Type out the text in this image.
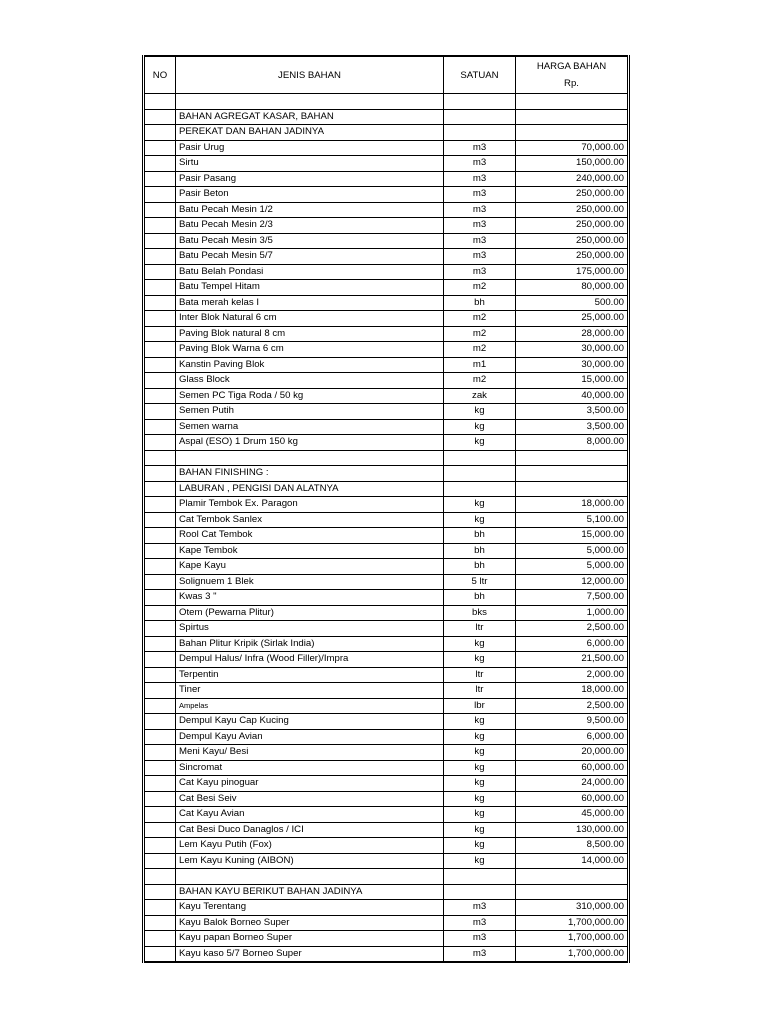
NO	JENIS BAHAN	SATUAN	HARGA BAHAN
Rp.

	BAHAN AGREGAT KASAR, BAHAN		
	PEREKAT DAN BAHAN JADINYA		
	Pasir Urug	m3	70,000.00
	Sirtu	m3	150,000.00
	Pasir Pasang	m3	240,000.00
	Pasir Beton	m3	250,000.00
	Batu Pecah Mesin 1/2	m3	250,000.00
	Batu Pecah Mesin 2/3	m3	250,000.00
	Batu Pecah Mesin 3/5	m3	250,000.00
	Batu Pecah Mesin 5/7	m3	250,000.00
	Batu Belah Pondasi	m3	175,000.00
	Batu Tempel Hitam	m2	80,000.00
	Bata merah kelas I	bh	500.00
	Inter Blok Natural 6 cm	m2	25,000.00
	Paving Blok natural 8 cm	m2	28,000.00
	Paving Blok Warna 6 cm	m2	30,000.00
	Kanstin Paving Blok	m1	30,000.00
	Glass Block	m2	15,000.00
	Semen PC Tiga Roda / 50 kg	zak	40,000.00
	Semen Putih	kg	3,500.00
	Semen warna	kg	3,500.00
	Aspal (ESO) 1 Drum 150 kg	kg	8,000.00

	BAHAN FINISHING :		
	LABURAN , PENGISI DAN ALATNYA		
	Plamir Tembok Ex. Paragon	kg	18,000.00
	Cat Tembok Sanlex	kg	5,100.00
	Rool Cat Tembok	bh	15,000.00
	Kape Tembok	bh	5,000.00
	Kape Kayu	bh	5,000.00
	Solignuem 1 Blek	5 ltr	12,000.00
	Kwas 3 "	bh	7,500.00
	Otem (Pewarna Plitur)	bks	1,000.00
	Spirtus	ltr	2,500.00
	Bahan Plitur Kripik (Sirlak India)	kg	6,000.00
	Dempul Halus/ Infra (Wood Filler)/Impra	kg	21,500.00
	Terpentin	ltr	2,000.00
	Tiner	ltr	18,000.00
	Ampelas	lbr	2,500.00
	Dempul Kayu Cap Kucing	kg	9,500.00
	Dempul Kayu Avian	kg	6,000.00
	Meni Kayu/ Besi	kg	20,000.00
	Sincromat	kg	60,000.00
	Cat Kayu pinoguar	kg	24,000.00
	Cat Besi Seiv	kg	60,000.00
	Cat Kayu Avian	kg	45,000.00
	Cat Besi Duco Danaglos / ICI	kg	130,000.00
	Lem Kayu Putih (Fox)	kg	8,500.00
	Lem Kayu Kuning (AIBON)	kg	14,000.00

	BAHAN KAYU BERIKUT BAHAN JADINYA		
	Kayu Terentang	m3	310,000.00
	Kayu Balok Borneo Super	m3	1,700,000.00
	Kayu papan Borneo Super	m3	1,700,000.00
	Kayu kaso 5/7 Borneo Super	m3	1,700,000.00
